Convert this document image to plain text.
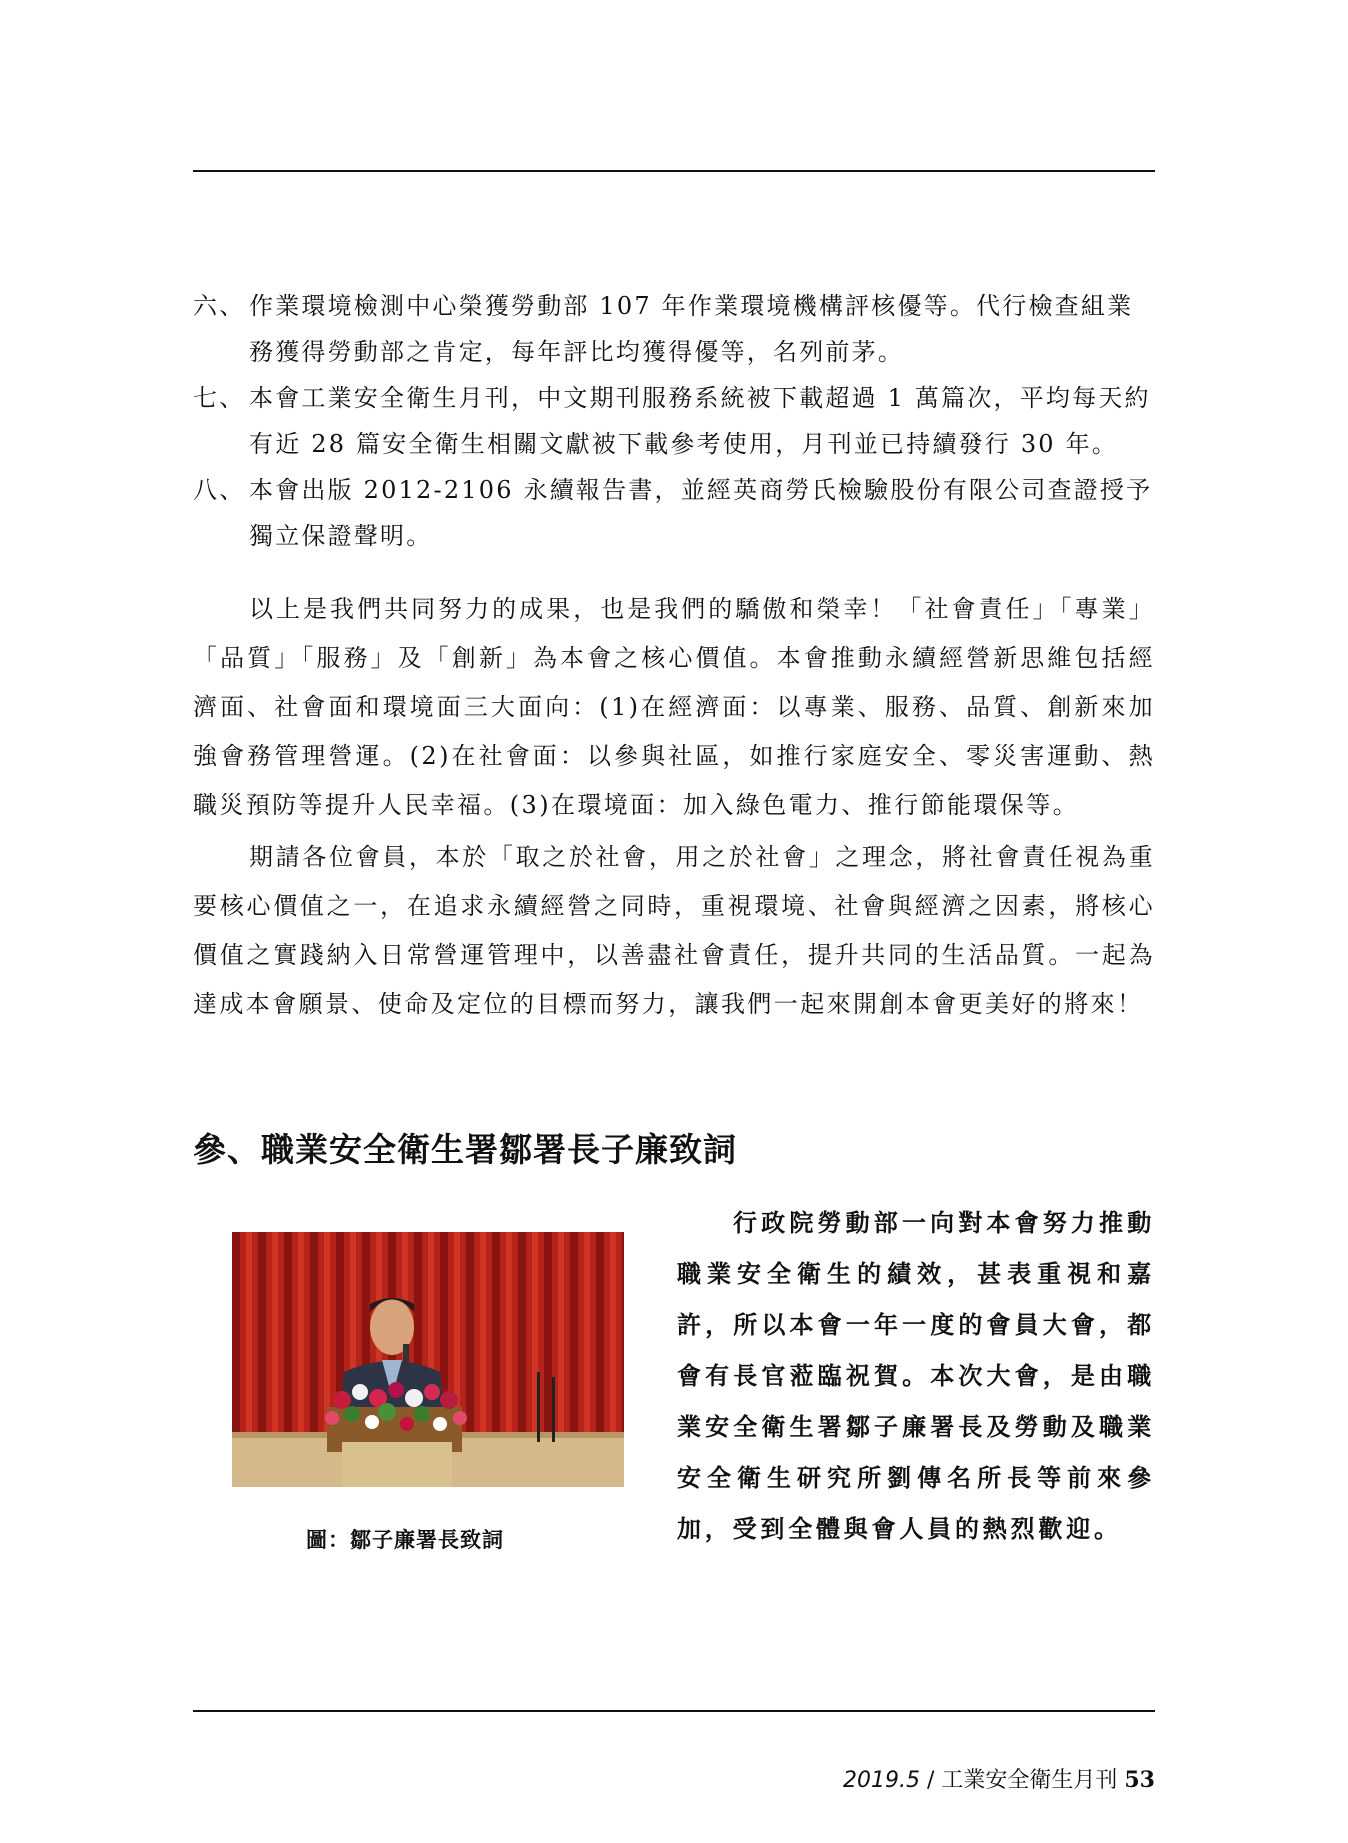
六、 作業環境檢測中心榮獲勞動部 107 年作業環境機構評核優等。代行檢查組業務獲得勞動部之肯定，每年評比均獲得優等，名列前茅。
七、 本會工業安全衛生月刊，中文期刊服務系統被下載超過 1 萬篇次，平均每天約有近 28 篇安全衛生相關文獻被下載參考使用，月刊並已持續發行 30 年。
八、 本會出版 2012-2106 永續報告書，並經英商勞氏檢驗股份有限公司查證授予獨立保證聲明。

以上是我們共同努力的成果，也是我們的驕傲和榮幸！「社會責任」「專業」「品質」「服務」及「創新」為本會之核心價值。本會推動永續經營新思維包括經濟面、社會面和環境面三大面向：(1)在經濟面：以專業、服務、品質、創新來加強會務管理營運。(2)在社會面：以參與社區，如推行家庭安全、零災害運動、熱職災預防等提升人民幸福。(3)在環境面：加入綠色電力、推行節能環保等。

期請各位會員，本於「取之於社會，用之於社會」之理念，將社會責任視為重要核心價值之一，在追求永續經營之同時，重視環境、社會與經濟之因素，將核心價值之實踐納入日常營運管理中，以善盡社會責任，提升共同的生活品質。一起為達成本會願景、使命及定位的目標而努力，讓我們一起來開創本會更美好的將來！

參、職業安全衛生署鄒署長子廉致詞
圖：鄒子廉署長致詞

行政院勞動部一向對本會努力推動職業安全衛生的績效，甚表重視和嘉許，所以本會一年一度的會員大會，都會有長官蒞臨祝賀。本次大會，是由職業安全衛生署鄒子廉署長及勞動及職業安全衛生研究所劉傳名所長等前來參加，受到全體與會人員的熱烈歡迎。

2019.5 / 工業安全衛生月刊 53
